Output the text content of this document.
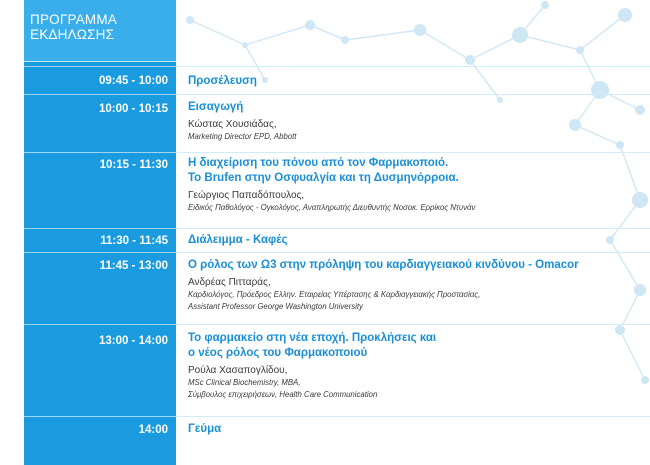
ΠΡΟΓΡΑΜΜΑ
ΕΚΔΗΛΩΣΗΣ
09:45 - 10:00 Προσέλευση
10:00 - 10:15 Εισαγωγή
Κώστας Χουσιάδας,
Marketing Director EPD, Abbott
10:15 - 11:30 Η διαχείριση του πόνου από τον Φαρμακοποιό.
Το Brufen στην Οσφυαλγία και τη Δυσμηνόρροια.
Γεώργιος Παπαδόπουλος,
Ειδικός Παθολόγος - Ογκολόγος, Αναπληρωτής Διευθυντής Νοσοκ. Ερρίκος Ντυνάν
11:30 - 11:45 Διάλειμμα - Καφές
11:45 - 13:00 Ο ρόλος των Ω3 στην πρόληψη του καρδιαγγειακού κινδύνου - Omacor
Ανδρέας Πιτταράς,
Καρδιολόγος, Πρόεδρος Ελλην. Εταιρείας Υπέρτασης & Καρδιαγγειακής Προστασίας,
Assistant Professor George Washington University
13:00 - 14:00 Το φαρμακείο στη νέα εποχή. Προκλήσεις και
ο νέος ρόλος του Φαρμακοποιού
Ρούλα Χασαπογλίδου,
MSc Clinical Biochemistry, MBA,
Σύμβουλος επιχειρήσεων, Health Care Communication
14:00 Γεύμα
